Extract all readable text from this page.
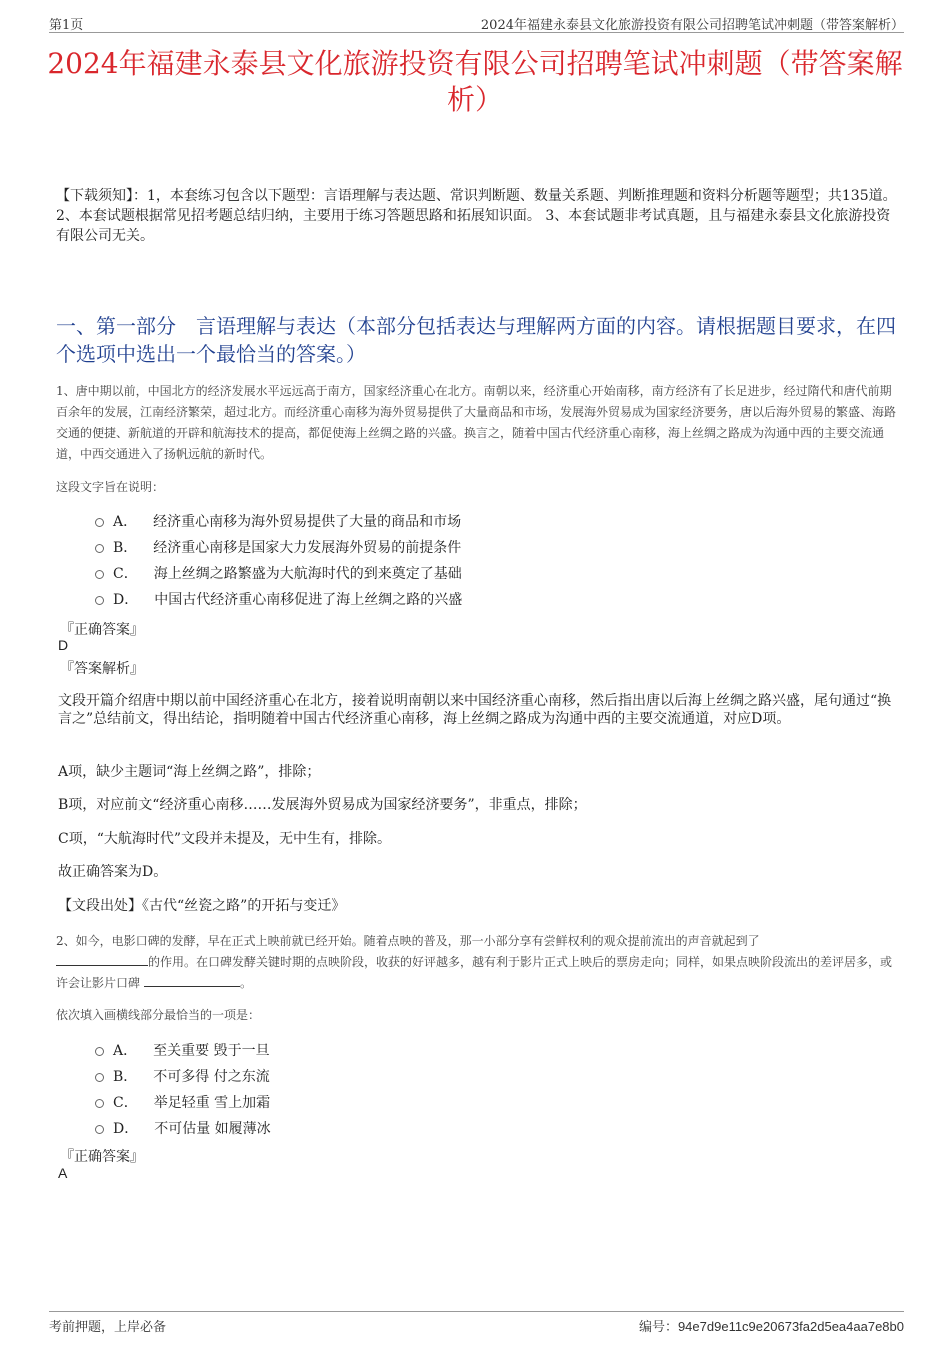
第1页	2024年福建永泰县文化旅游投资有限公司招聘笔试冲刺题（带答案解析）
2024年福建永泰县文化旅游投资有限公司招聘笔试冲刺题（带答案解析）
【下载须知】：1，本套练习包含以下题型：言语理解与表达题、常识判断题、数量关系题、判断推理题和资料分析题等题型；共135道。 2、本套试题根据常见招考题总结归纳，主要用于练习答题思路和拓展知识面。 3、本套试题非考试真题，且与福建永泰县文化旅游投资有限公司无关。
一、第一部分　言语理解与表达（本部分包括表达与理解两方面的内容。请根据题目要求，在四个选项中选出一个最恰当的答案。）
1、唐中期以前，中国北方的经济发展水平远远高于南方，国家经济重心在北方。南朝以来，经济重心开始南移，南方经济有了长足进步，经过隋代和唐代前期百余年的发展，江南经济繁荣，超过北方。而经济重心南移为海外贸易提供了大量商品和市场，发展海外贸易成为国家经济要务，唐以后海外贸易的繁盛、海路交通的便捷、新航道的开辟和航海技术的提高，都促使海上丝绸之路的兴盛。换言之，随着中国古代经济重心南移，海上丝绸之路成为沟通中西的主要交流通道，中西交通进入了扬帆远航的新时代。
这段文字旨在说明：
A． 经济重心南移为海外贸易提供了大量的商品和市场
B． 经济重心南移是国家大力发展海外贸易的前提条件
C． 海上丝绸之路繁盛为大航海时代的到来奠定了基础
D． 中国古代经济重心南移促进了海上丝绸之路的兴盛
『正确答案』
D
『答案解析』

文段开篇介绍唐中期以前中国经济重心在北方，接着说明南朝以来中国经济重心南移，然后指出唐以后海上丝绸之路兴盛，尾句通过“换言之”总结前文，得出结论，指明随着中国古代经济重心南移，海上丝绸之路成为沟通中西的主要交流通道，对应D项。

A项，缺少主题词“海上丝绸之路”，排除；

B项，对应前文“经济重心南移……发展海外贸易成为国家经济要务”，非重点，排除；

C项，“大航海时代”文段并未提及，无中生有，排除。

故正确答案为D。

【文段出处】《古代“丝瓷之路”的开拓与变迁》

2、如今，电影口碑的发酵，早在正式上映前就已经开始。随着点映的普及，那一小部分享有尝鲜权利的观众提前流出的声音就起到了
的作用。在口碑发酵关键时期的点映阶段，收获的好评越多，越有利于影片正式上映后的票房走向；同样，如果点映阶段流出的差评居多，或许会让影片口碑	。
依次填入画横线部分最恰当的一项是：
A． 至关重要 毁于一旦
B． 不可多得 付之东流
C． 举足轻重 雪上加霜
D． 不可估量 如履薄冰
『正确答案』
A
考前押题，上岸必备	编号：94e7d9e11c9e20673fa2d5ea4aa7e8b0
